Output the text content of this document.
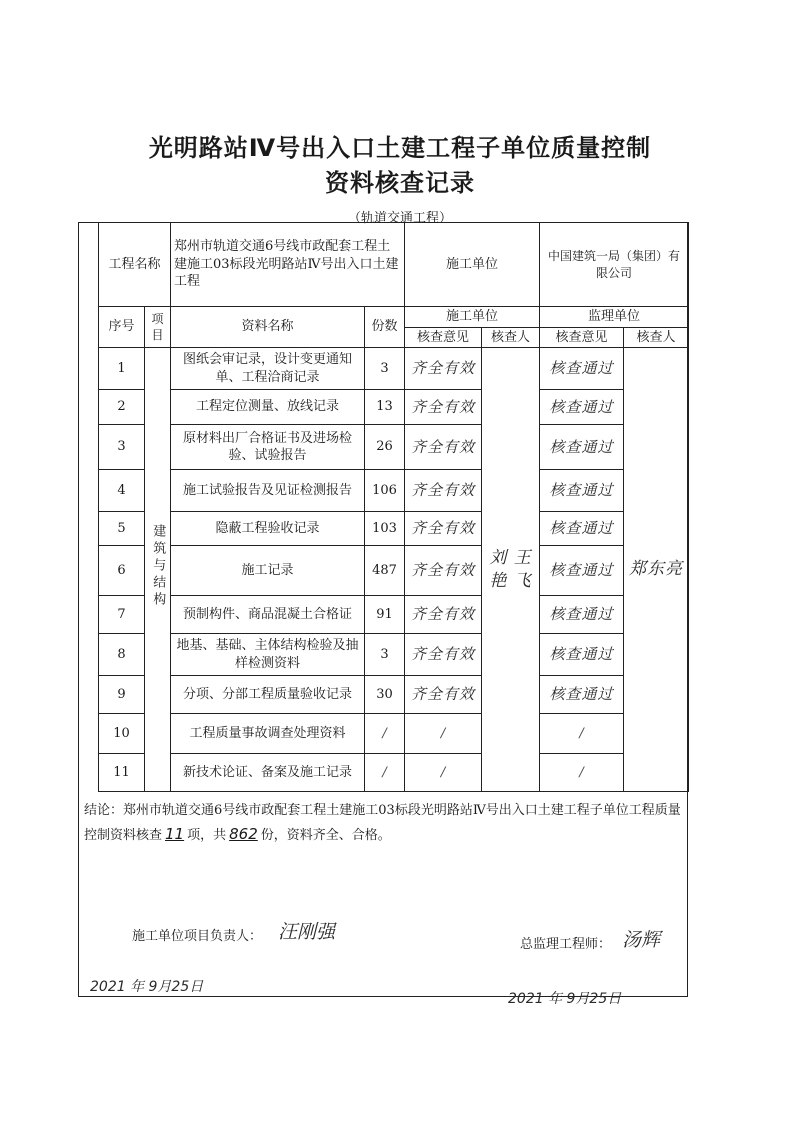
光明路站Ⅳ号出入口土建工程子单位质量控制
资料核查记录
（轨道交通工程）
工程名称		郑州市轨道交通6号线市政配套工程土建施工03标段光明路站Ⅳ号出入口土建工程		施工单位		中国建筑一局（集团）有限公司	
序号	项目	资料名称	份数	施工单位		监理单位	
				核查意见	核查人	核查意见	核查人
1	建筑与结构	图纸会审记录，设计变更通知单、工程洽商记录	3	齐全有效	刘 王艳 飞	核查通过	郑东亮
2		工程定位测量、放线记录	13	齐全有效		核查通过	
3		原材料出厂合格证书及进场检验、试验报告	26	齐全有效		核查通过	
4		施工试验报告及见证检测报告	106	齐全有效		核查通过	
5		隐蔽工程验收记录	103	齐全有效		核查通过	
6		施工记录	487	齐全有效		核查通过	
7		预制构件、商品混凝土合格证	91	齐全有效		核查通过	
8		地基、基础、主体结构检验及抽样检测资料	3	齐全有效		核查通过	
9		分项、分部工程质量验收记录	30	齐全有效		核查通过	
10		工程质量事故调查处理资料	/	/		/	
11		新技术论证、备案及施工记录	/	/		/	
结论：郑州市轨道交通6号线市政配套工程土建施工03标段光明路站Ⅳ号出入口土建工程子单位工程质量控制资料核查 11 项，共 862 份，资料齐全、合格。
施工单位项目负责人： 汪刚强
总监理工程师： 汤辉
2021 年 9月25日
2021 年 9月25日
